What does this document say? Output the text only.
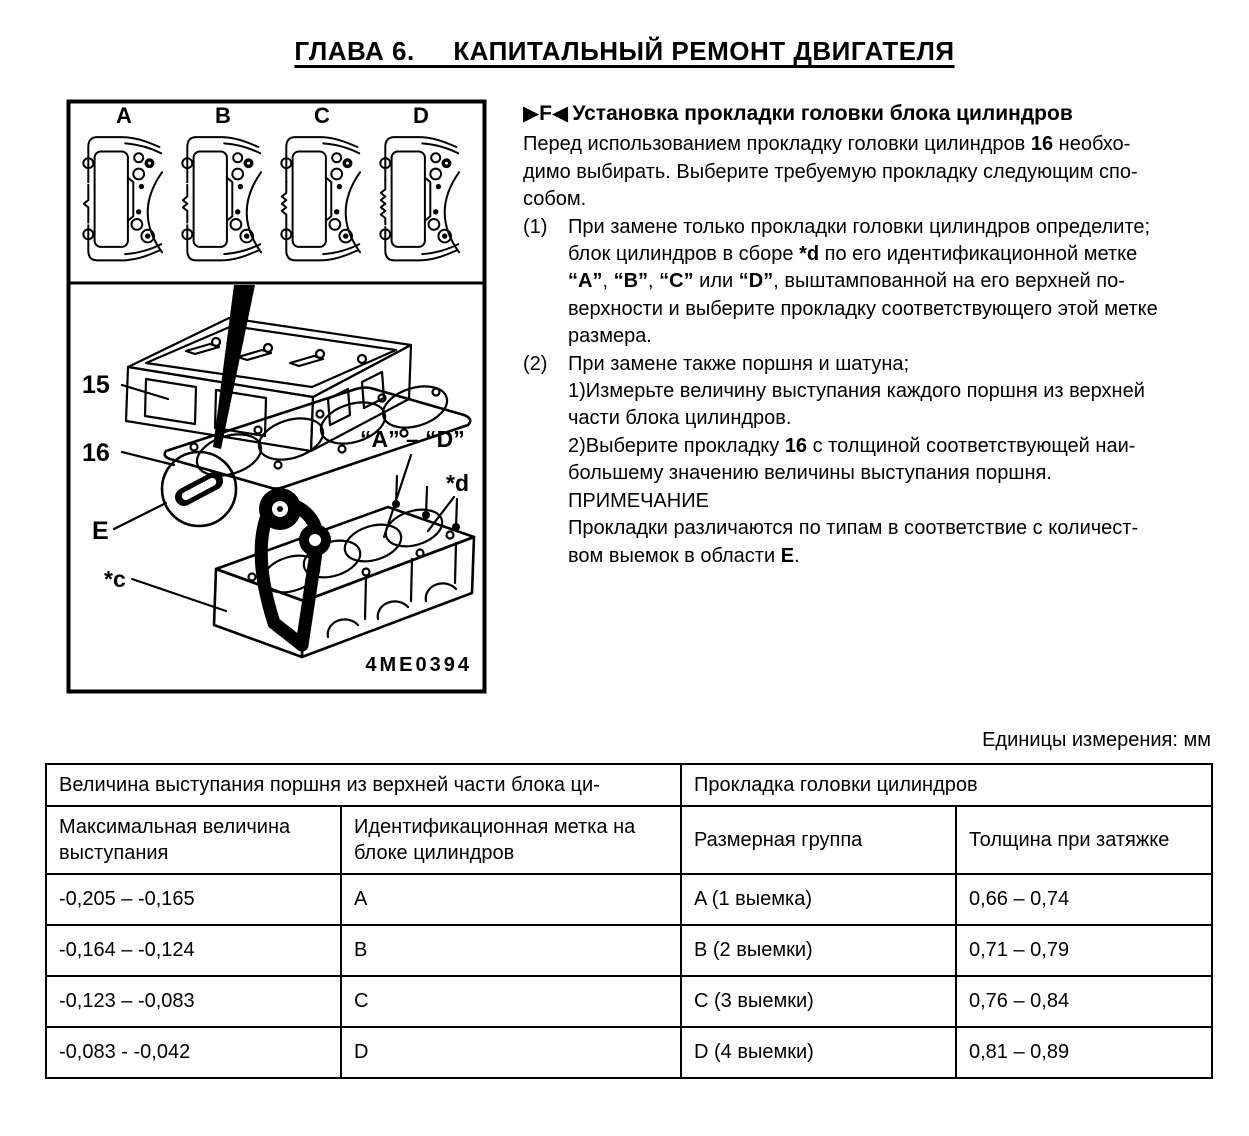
ГЛАВА 6.     КАПИТАЛЬНЫЙ РЕМОНТ ДВИГАТЕЛЯ
A	B	C	D
15
16
E
*c
“A” – “D”
*d
4ME0394
▶F◀  Установка прокладки головки блока цилиндров
Перед использованием прокладку головки цилиндров 16 необхо-
димо выбирать. Выберите требуемую прокладку следующим спо-
собом.
(1)	При замене только прокладки головки цилиндров определите;
блок цилиндров в сборе *d по его идентификационной метке
“A”, “B”, “C” или “D”, выштампованной на его верхней по-
верхности и выберите прокладку соответствующего этой метке
размера.
(2)	При замене также поршня и шатуна;
1)Измерьте величину выступания каждого поршня из верхней
части блока цилиндров.
2)Выберите прокладку 16 с толщиной соответствующей наи-
большему значению величины выступания поршня.
ПРИМЕЧАНИЕ
Прокладки различаются по типам в соответствие с количест-
вом выемок в области E.
Единицы измерения: мм
Величина выступания поршня из верхней части блока ци-		Прокладка головки цилиндров	
Максимальная величина выступания	Идентификационная метка на блоке цилиндров	Размерная группа	Толщина при затяжке
-0,205 – -0,165	A	A (1 выемка)	0,66 – 0,74
-0,164 – -0,124	B	B (2 выемки)	0,71 – 0,79
-0,123 – -0,083	C	C (3 выемки)	0,76 – 0,84
-0,083 - -0,042	D	D (4 выемки)	0,81 – 0,89
